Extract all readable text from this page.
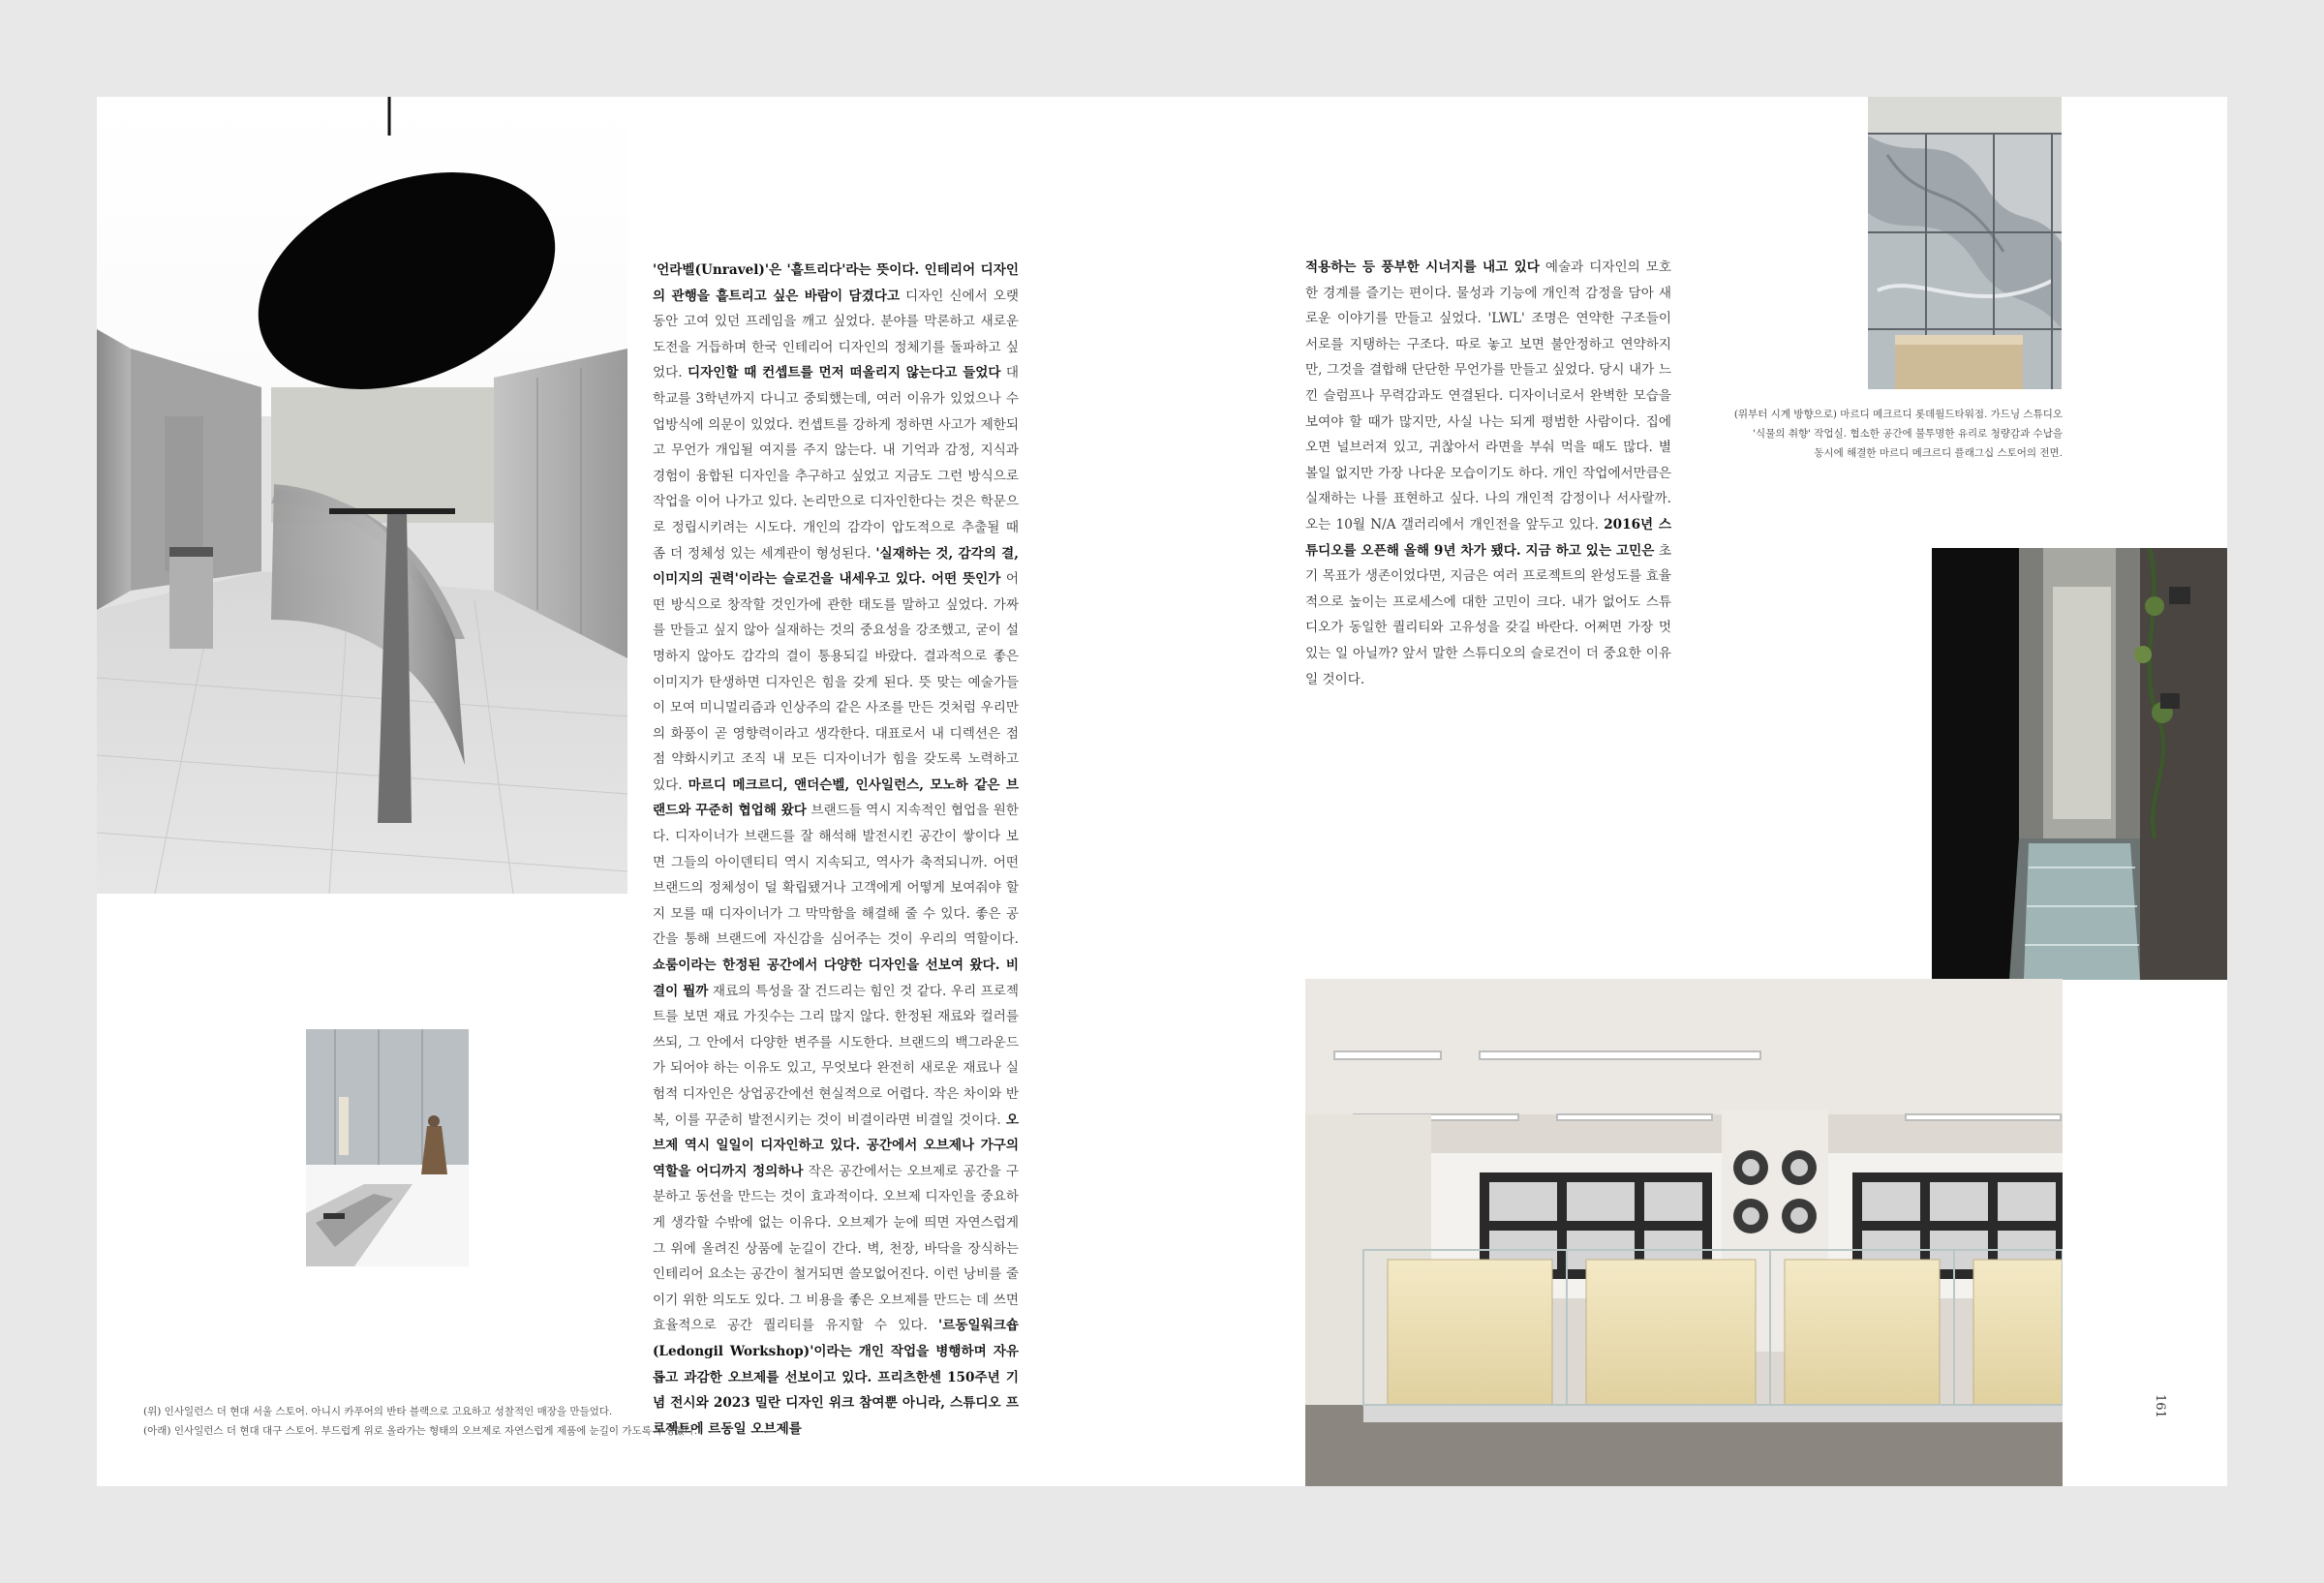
'언라벨(Unravel)'은 '흩트리다'라는 뜻이다. 인테리어 디자인의 관행을 흩트리고 싶은 바람이 담겼다고 디자인 신에서 오랫동안 고여 있던 프레임을 깨고 싶었다. 분야를 막론하고 새로운 도전을 거듭하며 한국 인테리어 디자인의 정체기를 돌파하고 싶었다. 디자인할 때 컨셉트를 먼저 떠올리지 않는다고 들었다 대학교를 3학년까지 다니고 중퇴했는데, 여러 이유가 있었으나 수업방식에 의문이 있었다. 컨셉트를 강하게 정하면 사고가 제한되고 무언가 개입될 여지를 주지 않는다. 내 기억과 감정, 지식과 경험이 융합된 디자인을 추구하고 싶었고 지금도 그런 방식으로 작업을 이어 나가고 있다. 논리만으로 디자인한다는 것은 학문으로 정립시키려는 시도다. 개인의 감각이 압도적으로 추출될 때 좀 더 정체성 있는 세계관이 형성된다. '실재하는 것, 감각의 결, 이미지의 권력'이라는 슬로건을 내세우고 있다. 어떤 뜻인가 어떤 방식으로 창작할 것인가에 관한 태도를 말하고 싶었다. 가짜를 만들고 싶지 않아 실재하는 것의 중요성을 강조했고, 굳이 설명하지 않아도 감각의 결이 통용되길 바랐다. 결과적으로 좋은 이미지가 탄생하면 디자인은 힘을 갖게 된다. 뜻 맞는 예술가들이 모여 미니멀리즘과 인상주의 같은 사조를 만든 것처럼 우리만의 화풍이 곧 영향력이라고 생각한다. 대표로서 내 디렉션은 점점 약화시키고 조직 내 모든 디자이너가 힘을 갖도록 노력하고 있다. 마르디 메크르디, 앤더슨벨, 인사일런스, 모노하 같은 브랜드와 꾸준히 협업해 왔다 브랜드들 역시 지속적인 협업을 원한다. 디자이너가 브랜드를 잘 해석해 발전시킨 공간이 쌓이다 보면 그들의 아이덴티티 역시 지속되고, 역사가 축적되니까. 어떤 브랜드의 정체성이 덜 확립됐거나 고객에게 어떻게 보여줘야 할지 모를 때 디자이너가 그 막막함을 해결해 줄 수 있다. 좋은 공간을 통해 브랜드에 자신감을 심어주는 것이 우리의 역할이다. 쇼룸이라는 한정된 공간에서 다양한 디자인을 선보여 왔다. 비결이 뭘까 재료의 특성을 잘 건드리는 힘인 것 같다. 우리 프로젝트를 보면 재료 가짓수는 그리 많지 않다. 한정된 재료와 컬러를 쓰되, 그 안에서 다양한 변주를 시도한다. 브랜드의 백그라운드가 되어야 하는 이유도 있고, 무엇보다 완전히 새로운 재료나 실험적 디자인은 상업공간에선 현실적으로 어렵다. 작은 차이와 반복, 이를 꾸준히 발전시키는 것이 비결이라면 비결일 것이다. 오브제 역시 일일이 디자인하고 있다. 공간에서 오브제나 가구의 역할을 어디까지 정의하나 작은 공간에서는 오브제로 공간을 구분하고 동선을 만드는 것이 효과적이다. 오브제 디자인을 중요하게 생각할 수밖에 없는 이유다. 오브제가 눈에 띄면 자연스럽게 그 위에 올려진 상품에 눈길이 간다. 벽, 천장, 바닥을 장식하는 인테리어 요소는 공간이 철거되면 쓸모없어진다. 이런 낭비를 줄이기 위한 의도도 있다. 그 비용을 좋은 오브제를 만드는 데 쓰면 효율적으로 공간 퀄리티를 유지할 수 있다. '르동일워크숍(Ledongil Workshop)'이라는 개인 작업을 병행하며 자유롭고 과감한 오브제를 선보이고 있다. 프리츠한센 150주년 기념 전시와 2023 밀란 디자인 위크 참여뿐 아니라, 스튜디오 프로젝트에 르동일 오브제를

(위) 인사일런스 더 현대 서울 스토어. 아니시 카푸어의 반타 블랙으로 고요하고 성찰적인 매장을 만들었다.
(아래) 인사일런스 더 현대 대구 스토어. 부드럽게 위로 올라가는 형태의 오브제로 자연스럽게 제품에 눈길이 가도록 구성했다.

적용하는 등 풍부한 시너지를 내고 있다 예술과 디자인의 모호한 경계를 즐기는 편이다. 물성과 기능에 개인적 감정을 담아 새로운 이야기를 만들고 싶었다. 'LWL' 조명은 연약한 구조들이 서로를 지탱하는 구조다. 따로 놓고 보면 불안정하고 연약하지만, 그것을 결합해 단단한 무언가를 만들고 싶었다. 당시 내가 느낀 슬럼프나 무력감과도 연결된다. 디자이너로서 완벽한 모습을 보여야 할 때가 많지만, 사실 나는 되게 평범한 사람이다. 집에 오면 널브러져 있고, 귀찮아서 라면을 부숴 먹을 때도 많다. 별 볼일 없지만 가장 나다운 모습이기도 하다. 개인 작업에서만큼은 실재하는 나를 표현하고 싶다. 나의 개인적 감정이나 서사랄까. 오는 10월 N/A 갤러리에서 개인전을 앞두고 있다. 2016년 스튜디오를 오픈해 올해 9년 차가 됐다. 지금 하고 있는 고민은 초기 목표가 생존이었다면, 지금은 여러 프로젝트의 완성도를 효율적으로 높이는 프로세스에 대한 고민이 크다. 내가 없어도 스튜디오가 동일한 퀄리티와 고유성을 갖길 바란다. 어쩌면 가장 멋있는 일 아닐까? 앞서 말한 스튜디오의 슬로건이 더 중요한 이유일 것이다.

(위부터 시계 방향으로) 마르디 메크르디 롯데월드타워점. 가드닝 스튜디오
'식물의 취향' 작업실. 협소한 공간에 불투명한 유리로 청량감과 수납을
동시에 해결한 마르디 메크르디 플래그십 스토어의 전면.
161
